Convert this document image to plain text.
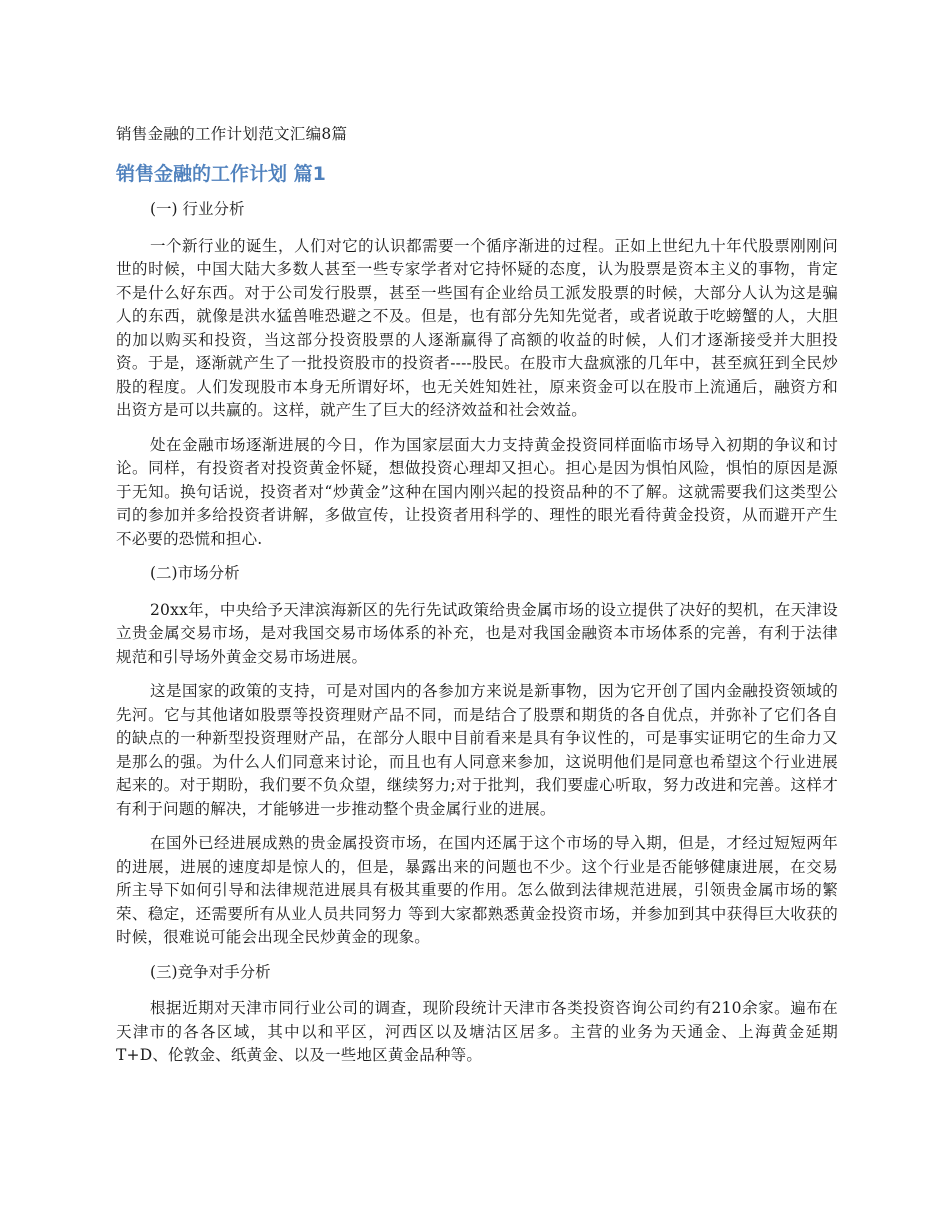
销售金融的工作计划范文汇编8篇
销售金融的工作计划 篇1
(一) 行业分析

一个新行业的诞生，人们对它的认识都需要一个循序渐进的过程。正如上世纪九十年代股票刚刚问世的时候，中国大陆大多数人甚至一些专家学者对它持怀疑的态度，认为股票是资本主义的事物，肯定不是什么好东西。对于公司发行股票，甚至一些国有企业给员工派发股票的时候，大部分人认为这是骗人的东西，就像是洪水猛兽唯恐避之不及。但是，也有部分先知先觉者，或者说敢于吃螃蟹的人，大胆的加以购买和投资，当这部分投资股票的人逐渐赢得了高额的收益的时候，人们才逐渐接受并大胆投资。于是，逐渐就产生了一批投资股市的投资者----股民。在股市大盘疯涨的几年中，甚至疯狂到全民炒股的程度。人们发现股市本身无所谓好坏，也无关姓知姓社，原来资金可以在股市上流通后，融资方和出资方是可以共赢的。这样，就产生了巨大的经济效益和社会效益。

处在金融市场逐渐进展的今日，作为国家层面大力支持黄金投资同样面临市场导入初期的争议和讨论。同样，有投资者对投资黄金怀疑，想做投资心理却又担心。担心是因为惧怕风险，惧怕的原因是源于无知。换句话说，投资者对“炒黄金”这种在国内刚兴起的投资品种的不了解。这就需要我们这类型公司的参加并多给投资者讲解，多做宣传，让投资者用科学的、理性的眼光看待黄金投资，从而避开产生不必要的恐慌和担心.

(二)市场分析

20xx年，中央给予天津滨海新区的先行先试政策给贵金属市场的设立提供了决好的契机，在天津设立贵金属交易市场，是对我国交易市场体系的补充，也是对我国金融资本市场体系的完善，有利于法律规范和引导场外黄金交易市场进展。

这是国家的政策的支持，可是对国内的各参加方来说是新事物，因为它开创了国内金融投资领域的先河。它与其他诸如股票等投资理财产品不同，而是结合了股票和期货的各自优点，并弥补了它们各自的缺点的一种新型投资理财产品，在部分人眼中目前看来是具有争议性的，可是事实证明它的生命力又是那么的强。为什么人们同意来讨论，而且也有人同意来参加，这说明他们是同意也希望这个行业进展起来的。对于期盼，我们要不负众望，继续努力;对于批判，我们要虚心听取，努力改进和完善。这样才有利于问题的解决，才能够进一步推动整个贵金属行业的进展。

在国外已经进展成熟的贵金属投资市场，在国内还属于这个市场的导入期，但是，才经过短短两年的进展，进展的速度却是惊人的，但是，暴露出来的问题也不少。这个行业是否能够健康进展，在交易所主导下如何引导和法律规范进展具有极其重要的作用。怎么做到法律规范进展，引领贵金属市场的繁荣、稳定，还需要所有从业人员共同努力 等到大家都熟悉黄金投资市场，并参加到其中获得巨大收获的时候，很难说可能会出现全民炒黄金的现象。

(三)竞争对手分析

根据近期对天津市同行业公司的调查，现阶段统计天津市各类投资咨询公司约有210余家。遍布在天津市的各各区域，其中以和平区，河西区以及塘沽区居多。主营的业务为天通金、上海黄金延期T+D、伦敦金、纸黄金、以及一些地区黄金品种等。
